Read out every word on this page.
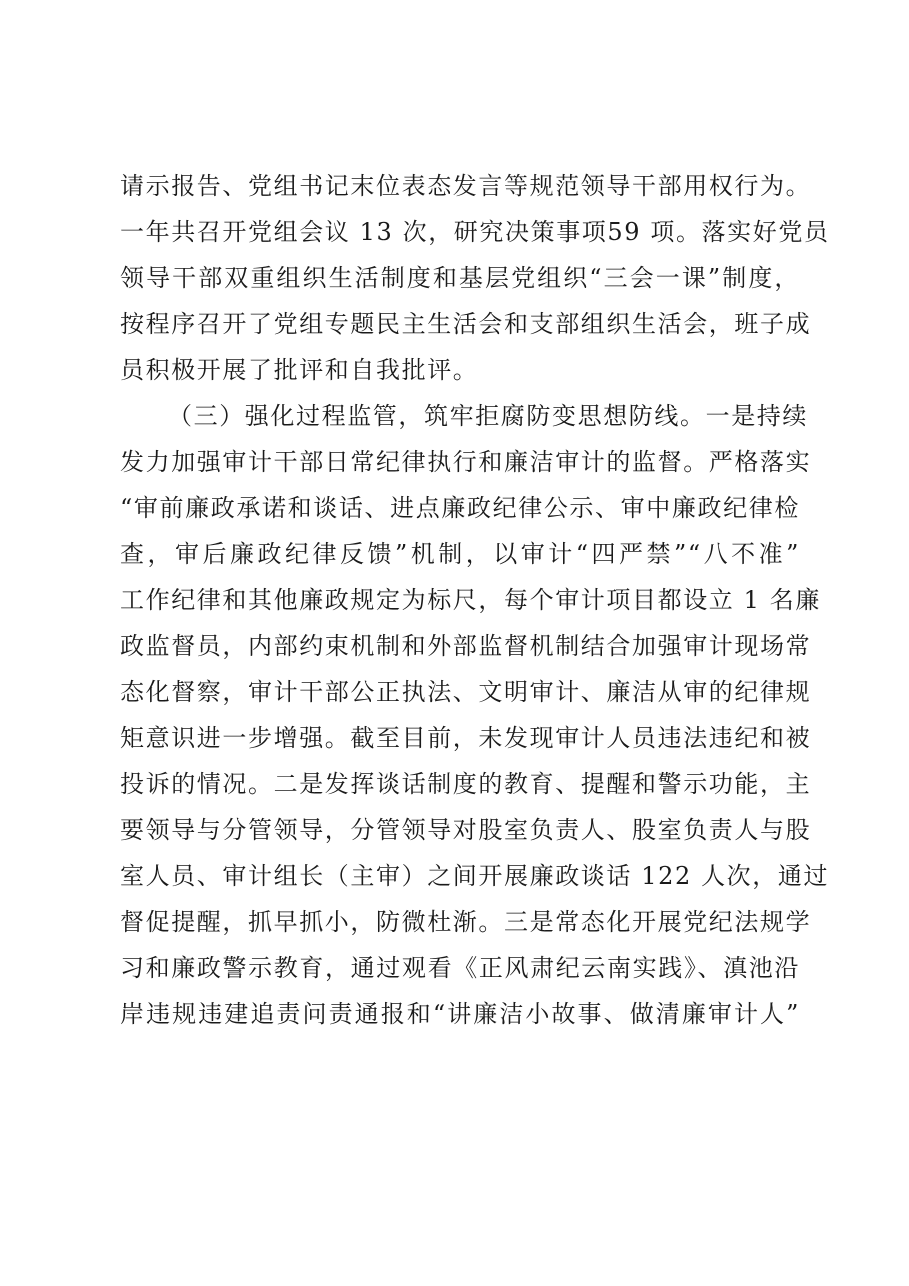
请示报告、党组书记末位表态发言等规范领导干部用权行为。
一年共召开党组会议 13 次，研究决策事项59 项。落实好党员
领导干部双重组织生活制度和基层党组织“三会一课”制度，
按程序召开了党组专题民主生活会和支部组织生活会，班子成
员积极开展了批评和自我批评。
（三）强化过程监管，筑牢拒腐防变思想防线。一是持续
发力加强审计干部日常纪律执行和廉洁审计的监督。严格落实
“审前廉政承诺和谈话、进点廉政纪律公示、审中廉政纪律检
查，审后廉政纪律反馈”机制，以审计“四严禁”“八不准”
工作纪律和其他廉政规定为标尺，每个审计项目都设立 1 名廉
政监督员，内部约束机制和外部监督机制结合加强审计现场常
态化督察，审计干部公正执法、文明审计、廉洁从审的纪律规
矩意识进一步增强。截至目前，未发现审计人员违法违纪和被
投诉的情况。二是发挥谈话制度的教育、提醒和警示功能，主
要领导与分管领导，分管领导对股室负责人、股室负责人与股
室人员、审计组长（主审）之间开展廉政谈话 122 人次，通过
督促提醒，抓早抓小，防微杜渐。三是常态化开展党纪法规学
习和廉政警示教育，通过观看《正风肃纪云南实践》、滇池沿
岸违规违建追责问责通报和“讲廉洁小故事、做清廉审计人”
